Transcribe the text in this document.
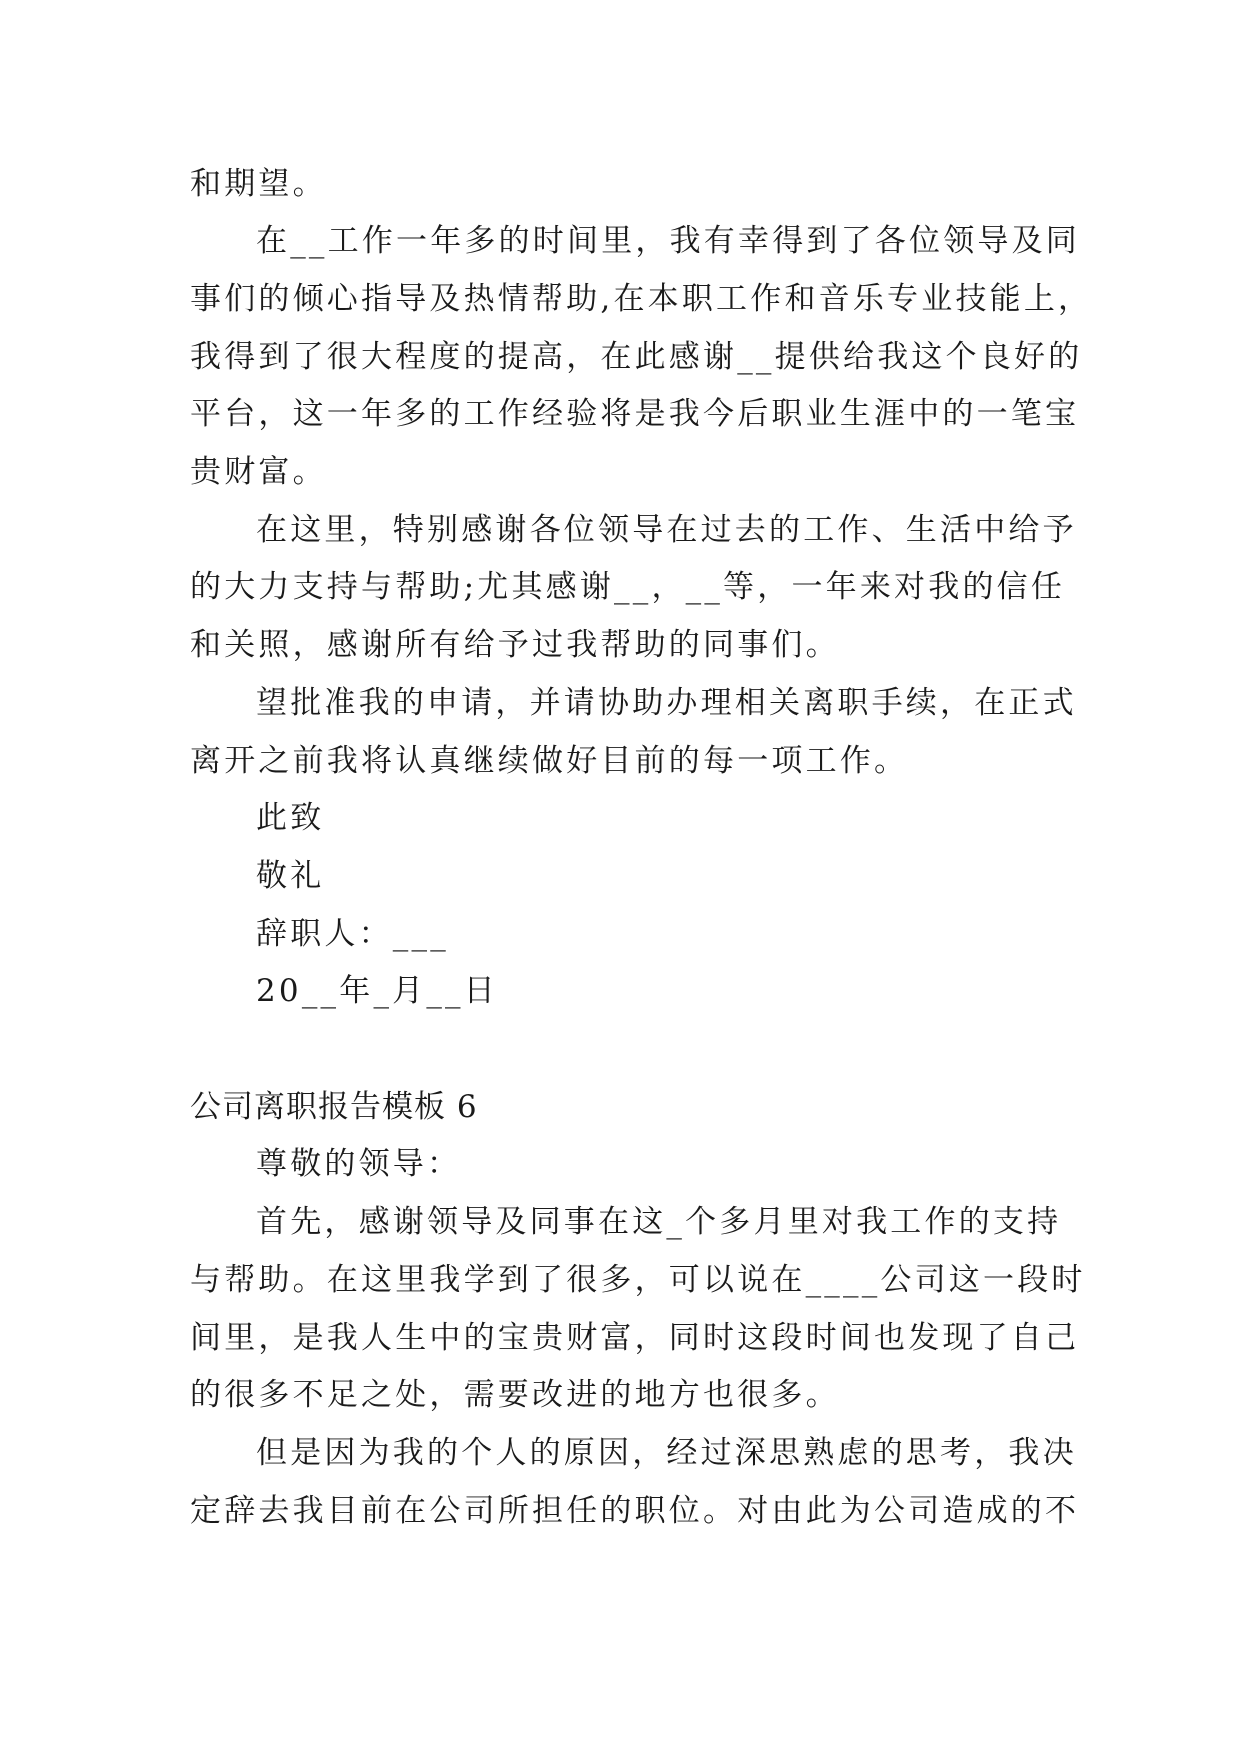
和期望。
在__工作一年多的时间里，我有幸得到了各位领导及同
事们的倾心指导及热情帮助,在本职工作和音乐专业技能上，
我得到了很大程度的提高，在此感谢__提供给我这个良好的
平台，这一年多的工作经验将是我今后职业生涯中的一笔宝
贵财富。
在这里，特别感谢各位领导在过去的工作、生活中给予
的大力支持与帮助;尤其感谢__，__等，一年来对我的信任
和关照，感谢所有给予过我帮助的同事们。
望批准我的申请，并请协助办理相关离职手续，在正式
离开之前我将认真继续做好目前的每一项工作。
此致
敬礼
辞职人：___
20__年_月__日
公司离职报告模板 6
尊敬的领导：
首先，感谢领导及同事在这_个多月里对我工作的支持
与帮助。在这里我学到了很多，可以说在____公司这一段时
间里，是我人生中的宝贵财富，同时这段时间也发现了自己
的很多不足之处，需要改进的地方也很多。
但是因为我的个人的原因，经过深思熟虑的思考，我决
定辞去我目前在公司所担任的职位。对由此为公司造成的不
